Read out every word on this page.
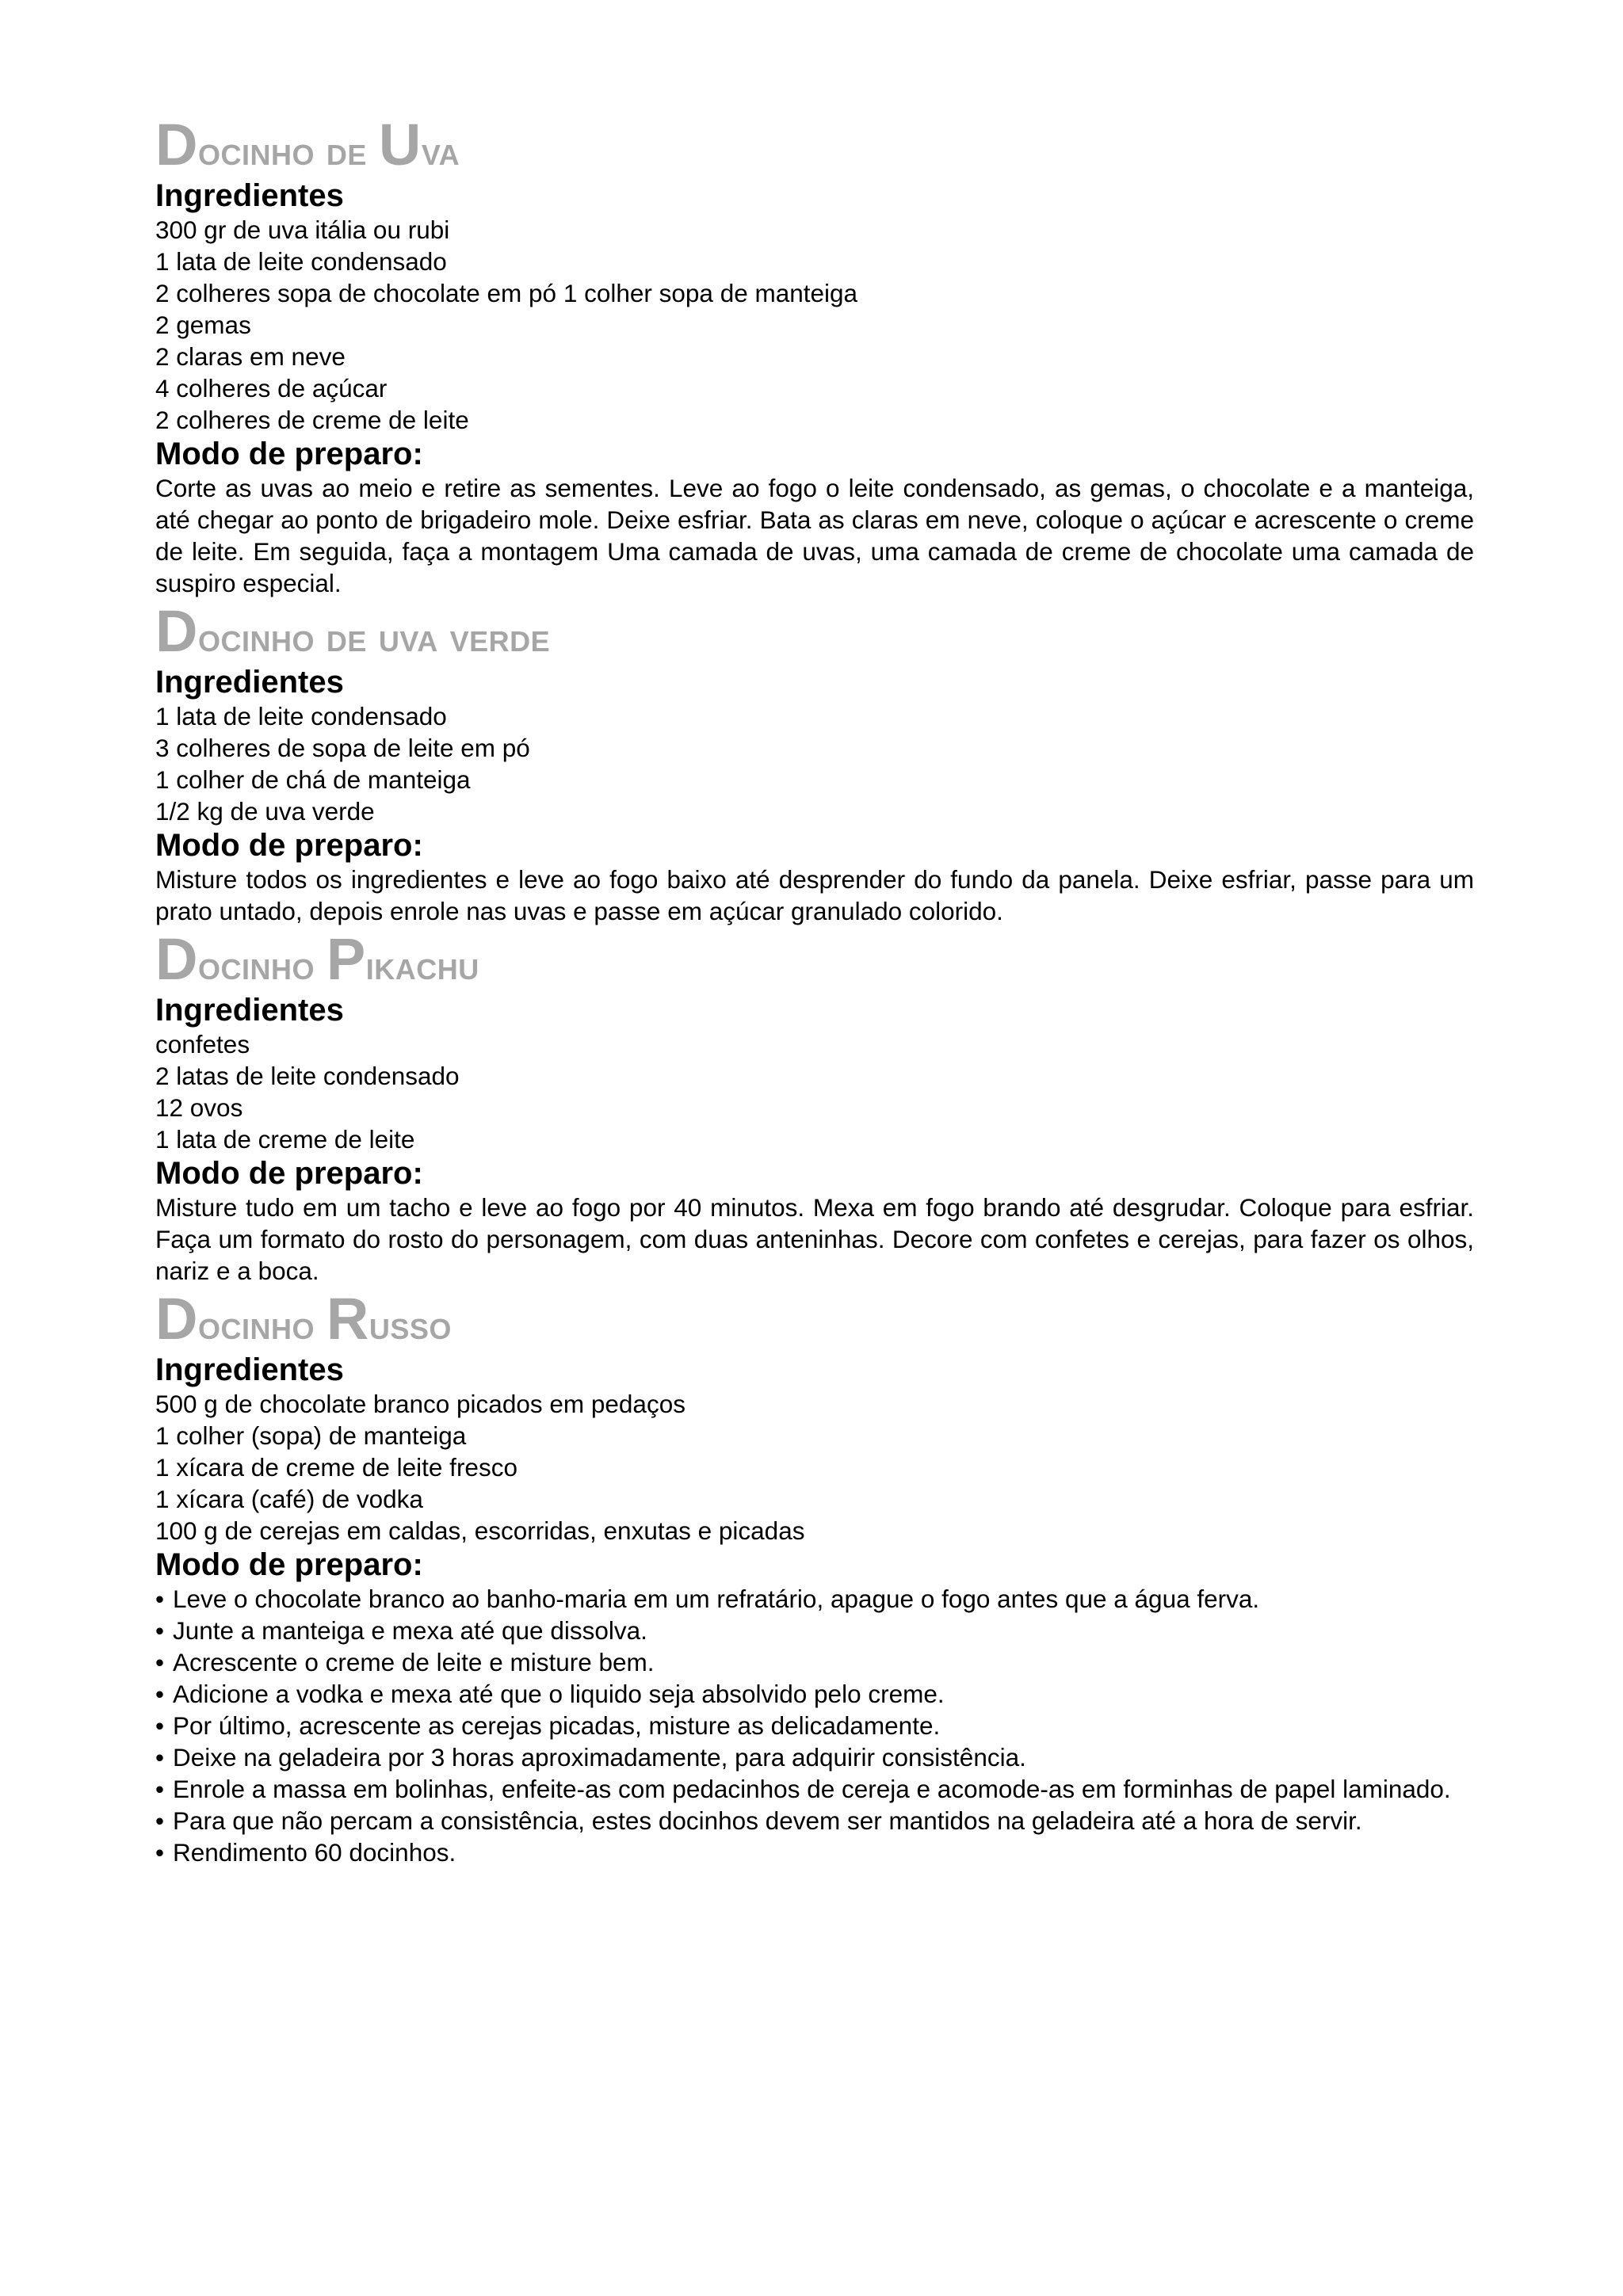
Docinho de Uva
Ingredientes

300 gr de uva itália ou rubi

1 lata de leite condensado

2 colheres sopa de chocolate em pó 1 colher sopa de manteiga

2 gemas

2 claras em neve

4 colheres de açúcar

2 colheres de creme de leite

Modo de preparo:

Corte as uvas ao meio e retire as sementes. Leve ao fogo o leite condensado, as gemas, o chocolate e a manteiga, até chegar ao ponto de brigadeiro mole. Deixe esfriar. Bata as claras em neve, coloque o açúcar e acrescente o creme de leite. Em seguida, faça a montagem Uma camada de uvas, uma camada de creme de chocolate uma camada de suspiro especial.

Docinho de uva verde
Ingredientes

1 lata de leite condensado

3 colheres de sopa de leite em pó

1 colher de chá de manteiga

1/2 kg de uva verde

Modo de preparo:

Misture todos os ingredientes e leve ao fogo baixo até desprender do fundo da panela. Deixe esfriar, passe para um prato untado, depois enrole nas uvas e passe em açúcar granulado colorido.

Docinho Pikachu
Ingredientes

confetes

2 latas de leite condensado

12 ovos

1 lata de creme de leite

Modo de preparo:

Misture tudo em um tacho e leve ao fogo por 40 minutos. Mexa em fogo brando até desgrudar. Coloque para esfriar. Faça um formato do rosto do personagem, com duas anteninhas. Decore com confetes e cerejas, para fazer os olhos, nariz e a boca.

Docinho Russo
Ingredientes

500 g de chocolate branco picados em pedaços

1 colher (sopa) de manteiga

1 xícara de creme de leite fresco

1 xícara (café) de vodka

100 g de cerejas em caldas, escorridas, enxutas e picadas

Modo de preparo:

• Leve o chocolate branco ao banho-maria em um refratário, apague o fogo antes que a água ferva.

• Junte a manteiga e mexa até que dissolva.

• Acrescente o creme de leite e misture bem.

• Adicione a vodka e mexa até que o liquido seja absolvido pelo creme.

• Por último, acrescente as cerejas picadas, misture as delicadamente.

• Deixe na geladeira por 3 horas aproximadamente, para adquirir consistência.

• Enrole a massa em bolinhas, enfeite-as com pedacinhos de cereja e acomode-as em forminhas de papel laminado.

• Para que não percam a consistência, estes docinhos devem ser mantidos na geladeira até a hora de servir.

• Rendimento 60 docinhos.
